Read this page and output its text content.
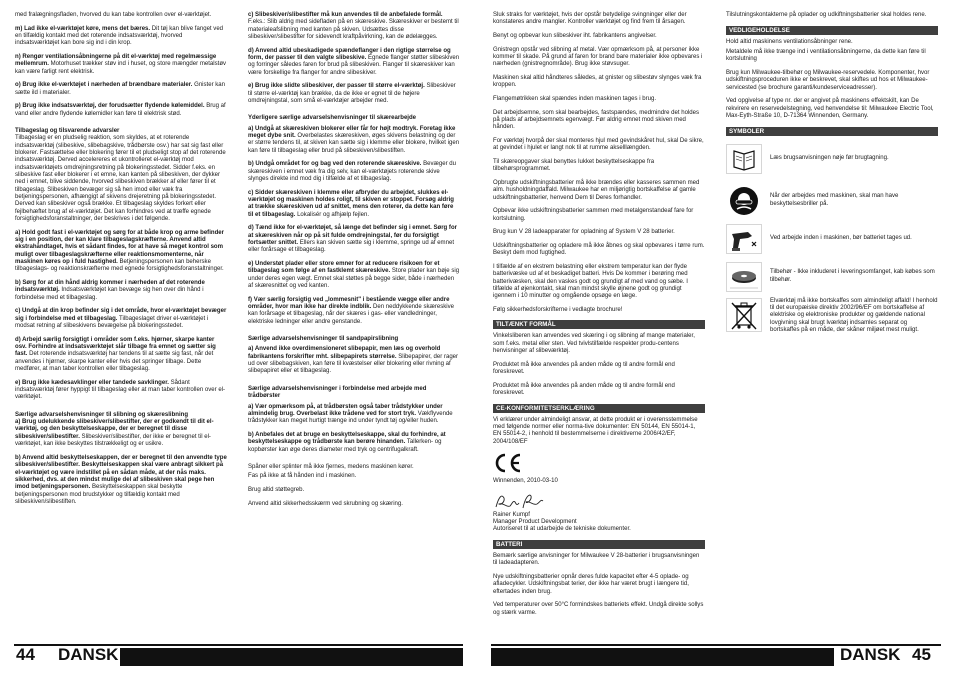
med fralægningsfladen, hvorved du kan tabe kontrollen over el-værktøjet.

m) Lad ikke el-værktøjet køre, mens det bæres. Dit tøj kan blive fanget ved en tilfældig kontakt med det roterende indsatsværktøj, hvorved indsatsværktøjet kan bore sig ind i din krop.

n) Rengør ventilationsåbningerne på dit el-værktøj med regelmæssige mellemrum. Motorhuset trækker støv ind i huset, og store mængder metalstøv kan være farligt rent elektrisk.

o) Brug ikke el-værktøjet i nærheden af brændbare materialer. Gnister kan sætte ild i materialer.

p) Brug ikke indsatsværktøj, der forudsætter flydende kølemiddel. Brug af vand eller andre flydende kølemidler kan føre til elektrisk stød.

Tilbageslag og tilsvarende advarsler

Tilbageslag er en pludselig reaktion, som skyldes, at et roterende indsatsværktøj (slibeskive, slibebagskive, trådbørste osv.) har sat sig fast eller blokerer. Fastsættelse eller blokering fører til et pludseligt stop af det roterende indsatsværktøj. Derved accelereres et ukontrolleret el-værktøj mod indsatsværktøjets omdrejningsretning på blokeringsstedet. Sidder f.eks. en slibeskive fast eller blokerer i et emne, kan kanten på slibeskiven, der dykker ned i emnet, blive siddende, hvorved slibeskiven brækker af eller fører til et tilbageslag. Slibeskiven bevæger sig så hen imod eller væk fra betjeningspersonen, afhængigt af skivens drejeretning på blokeringsstedet. Derved kan slibeskiver også brække. Et tilbageslag skyldes forkert eller fejlbehæftet brug af el-værktøjet. Det kan forhindres ved at træffe egnede forsigtighedsforanstaltninger, der beskrives i det følgende.

a) Hold godt fast i el-værktøjet og sørg for at både krop og arme befinder sig i en position, der kan klare tilbageslagskræfterne. Anvend altid ekstrahåndtaget, hvis et sådant findes, for at have så meget kontrol som muligt over tilbageslagskræfterne eller reaktionsmomenterne, når maskinen køres op i fuld hastighed. Betjeningspersonen kan beherske tilbageslags- og reaktionskræfterne med egnede forsigtighedsforanstaltninger.

b) Sørg for at din hånd aldrig kommer i nærheden af det roterende indsatsværktøj. Indsatsværktøjet kan bevæge sig hen over din hånd i forbindelse med et tilbageslag.

c) Undgå at din krop befinder sig i det område, hvor el-værktøjet bevæger sig i forbindelse med et tilbageslag. Tilbageslaget driver el-værktøjet i modsat retning af slibeskivens bevægelse på blokeringsstedet.

d) Arbejd særlig forsigtigt i områder som f.eks. hjørner, skarpe kanter osv. Forhindre at indsatsværktøjet slår tilbage fra emnet og sætter sig fast. Det roterende indsatsværktøj har tendens til at sætte sig fast, når det anvendes i hjørner, skarpe kanter eller hvis det springer tilbage. Dette medfører, at man taber kontrollen eller tilbageslag.

e) Brug ikke kædesavklinger eller tandede savklinger. Sådant indsatsværktøj fører hyppigt til tilbageslag eller at man taber kontrollen over el-værktøjet.

Særlige advarselshenvisninger til slibning og skæreslibning

a) Brug udelukkende slibeskiver/slibestifter, der er godkendt til dit el-værktøj, og den beskyttelseskappe, der er beregnet til disse slibeskiver/slibestifter. Slibeskiver/slibestifter, der ikke er beregnet til el-værktøjet, kan ikke beskyttes tilstrækkeligt og er usikre.

b) Anvend altid beskyttelseskappen, der er beregnet til den anvendte type slibeskiver/slibestifter. Beskyttelseskappen skal være anbragt sikkert på el-værktøjet og være indstillet på en sådan måde, at der nås maks. sikkerhed, dvs. at den mindst mulige del af slibeskiven skal pege hen imod betjeningspersonen. Beskyttelseskappen skal beskytte betjeningspersonen mod brudstykker og tilfældig kontakt med slibeskiven/slibestiften.

c) Slibeskiver/slibestifter må kun anvendes til de anbefalede formål. F.eks.: Slib aldrig med sidefladen på en skæreskive. Skæreskiver er bestemt til materialeafslibning med kanten på skiven. Udsættes disse slibeskiver/slibestifter for sidevendt kraftpåvirkning, kan de ødelægges.

d) Anvend altid ubeskadigede spændeflanger i den rigtige størrelse og form, der passer til den valgte slibeskive. Egnede flanger støtter slibeskiven og forringer således faren for brud på slibeskiven. Flanger til skæreskiver kan være forskellige fra flanger for andre slibeskiver.

e) Brug ikke slidte slibeskiver, der passer til større el-værktøj. Slibeskiver til større el-værktøj kan brække, da de ikke er egnet til de højere omdrejningstal, som små el-værktøjer arbejder med.

Yderligere særlige advarselshenvisninger til skærearbejde

a) Undgå at skæreskiven blokerer eller får for højt modtryk. Foretag ikke meget dybe snit. Overbelastes skæreskiven, øges skivens belastning og der er større tendens til, at skiven kan sætte sig i klemme eller blokere, hvilket igen kan føre til tilbageslag eller brud på slibeskiven/slibestiften.

b) Undgå området for og bag ved den roterende skæreskive. Bevæger du skæreskiven i emnet væk fra dig selv, kan el-værktøjets roterende skive slynges direkte ind mod dig i tilfælde af et tilbageslag.

c) Sidder skæreskiven i klemme eller afbryder du arbejdet, slukkes el-værktøjet og maskinen holdes roligt, til skiven er stoppet. Forsøg aldrig at trække skæreskiven ud af snittet, mens den roterer, da dette kan føre til et tilbageslag. Lokalisér og afhjælp fejlen.

d) Tænd ikke for el-værktøjet, så længe det befinder sig i emnet. Sørg for at skæreskiven når op på sit fulde omdrejningstal, før du forsigtigt fortsætter snittet. Ellers kan skiven sætte sig i klemme, springe ud af emnet eller forårsage et tilbageslag.

e) Understøt plader eller store emner for at reducere risikoen for et tilbageslag som følge af en fastklemt skæreskive. Store plader kan bøje sig under deres egen vægt. Emnet skal støttes på begge sider, både i nærheden af skæresnittet og ved kanten.

f) Vær særlig forsigtig ved „lommesnit" i bestående vægge eller andre områder, hvor man ikke har direkte indblik. Den neddykkende skæreskive kan forårsage et tilbageslag, når der skæres i gas- eller vandledninger, elektriske ledninger eller andre genstande.

Særlige advarselshenvisninger til sandpapirslibning

a) Anvend ikke overdimensioneret slibepapir, men læs og overhold fabrikantens forskrifter mht. slibepapirets størrelse. Slibepapirer, der rager ud over slibebagskiven, kan føre til kvæstelser eller blokering eller rivning af slibepapiret eller et tilbageslag.

Særlige advarselshenvisninger i forbindelse med arbejde med trådbørster

a) Vær opmærksom på, at trådbørsten også taber trådstykker under almindelig brug. Overbelast ikke trådene ved for stort tryk. Vækflyvende trådstykker kan meget hurtigt trænge ind under tyndt tøj og/eller huden.

b) Anbefales det at bruge en beskyttelseskappe, skal du forhindre, at beskyttelseskappe og trådbørste kan berøre hinanden. Tallerken- og kopbørster kan øge deres diameter med tryk og centrifugalkraft.

Spåner eller splinter må ikke fjernes, medens maskinen kører.

Fas på ikke at få hånden ind i maskinen.

Brug altid støttegreb.

Anvend altid sikkerhedsskærm ved skrubning og skæring.

Sluk straks for værktøjet, hvis der opstår betydelige svingninger eller der konstateres andre mangler. Kontroller værktøjet og find frem til årsagen.

Benyt og opbevar kun slibeskiver iht. fabrikantens angivelser.

Gnistregn opstår ved slibning af metal. Vær opmærksom på, at personer ikke kommer til skade. På grund af faren for brand bare materialer ikke opbevares i nærheden (gnistregnområde). Brug ikke støvsuger.

Maskinen skal altid håndteres således, at gnister og slibestøv slynges væk fra kroppen.

Flangemøtrikken skal spændes inden maskinen tages i brug.

Det arbejdsemne, som skal bearbejdes, fastspændes, medmindre det holdes på plads af arbejdsemnets egenvægt. Før aldrig emnet mod skiven med hånden.

For værktøj hvorpå der skal monteres hjul med gevindskåret hul, skal De sikre, at gevindet i hjulet er langt nok til at rumme akselllængden.

Til skæreopgaver skal benyttes lukket beskyttelseskappe fra tilbehørsprogrammet.

Opbrugte udskiftningsbatterier må ikke brændes eller kasseres sammen med alm. husholdningdaffald. Milwaukee har en miljørigtig bortskaffelse af gamle udskiftningsbatterier, henvend Dem til Deres forhandler.

Opbevar ikke udskiftningsbatterier sammen med metalgenstandeaf fare for kortslutning.

Brug kun V 28 ladeapparater for opladning af System V 28 batterier.

Udskiftningsbatterier og opladere må ikke åbnes og skal opbevares i tørre rum. Beskyt dem mod fugtighed.

I tilfælde af en ekstrem belastning eller ekstrem temperatur kan der flyde batterivæske ud af et beskadiget batteri. Hvis De kommer i berøring med batterivæsken, skal den vaskes godt og grundigt af med vand og sæbe. I tilfælde af øjenkontakt, skal man mindst skylle øjnene godt og grundigt igennem i 10 minutter og omgående opsøge en læge.

Følg sikkerhedsforskrifterne i vedlagte brochure!

TILTÆNKT FORMÅL

Vinkelsliberen kan anvendes ved skæring i og slibning af mange materialer, som f.eks. metal eller sten. Ved tvivlstilfælde respekter produ-centens henvisninger af slibeværktøj.

Produktet må ikke anvendes på anden måde og til andre formål end foreskrevet.

Produktet må ikke anvendes på anden måde og til andre formål end foreskrevet.

CE-KONFORMITETSERKLÆRING

Vi erklærer under almindeligt ansvar, at dette produkt er i overensstemmelse med følgende normer eller norma-tive dokumenter: EN 50144, EN 55014-1, EN 55014-2, i henhold til bestemmelserne i direktiverne 2006/42/EF, 2004/108/EF

Winnenden, 2010-03-10

Rainer Kumpf

Manager Product Development

Autoriseret til at udarbejde de tekniske dokumenter.

BATTERI

Bemærk særlige anvisninger for Milwaukee V 28-batterier i brugsanvisningen til ladeadapteren.

Nye udskiftningsbatterier opnår deres fulde kapacitet efter 4-5 oplade- og afladecykler. Udskiftningsbat terier, der ikke har været brugt i længere tid, eftertades inden brug.

Ved temperaturer over 50°C formindskes batteriets effekt. Undgå direkte sollys og stærk varme.

Tilslutningskontakterne på oplader og udkiftningsbatterier skal holdes rene.

VEDLIGEHOLDELSE

Hold altid maskinens ventilationsåbninger rene.

Metaldele må ikke trænge ind i ventilationsåbningerne, da dette kan føre til kortslutning

Brug kun Milwaukee-tilbehør og Milwaukee-reservedele. Komponenter, hvor udskiftningsproceduren ikke er beskrevet, skal skiftes ud hos et Milwaukee-servicested (se brochure garanti/kundeserviceadresser).

Ved opgivelse af type nr. der er angivet på maskinens effektskilt, kan De rekvirere en reservedelstegning, ved henvendelse til: Milwaukee Electric Tool, Max-Eyth-Straße 10, D-71364 Winnenden, Germany.

SYMBOLER
Læs brugsanvisningen nøje før brugtagning.
Når der arbejdes med maskinen, skal man have beskyttelsesbriller på.
Ved arbejde inden i maskinen, bør batteriet tages ud.
Tilbehør - Ikke inkluderet i leveringsomfanget, kab købes som tilbehør.
Elværktøj må ikke bortskaffes som almindeligt affald! I henhold til det europæiske direktiv 2002/96/EF om bortskaffelse af elektriske og elektroniske produkter og gældende national lovgivning skal brugt lværktøj indsamles separat og bortskaffes på en måde, der skåner miljøet mest muligt.
44 DANSK	DANSK 45
